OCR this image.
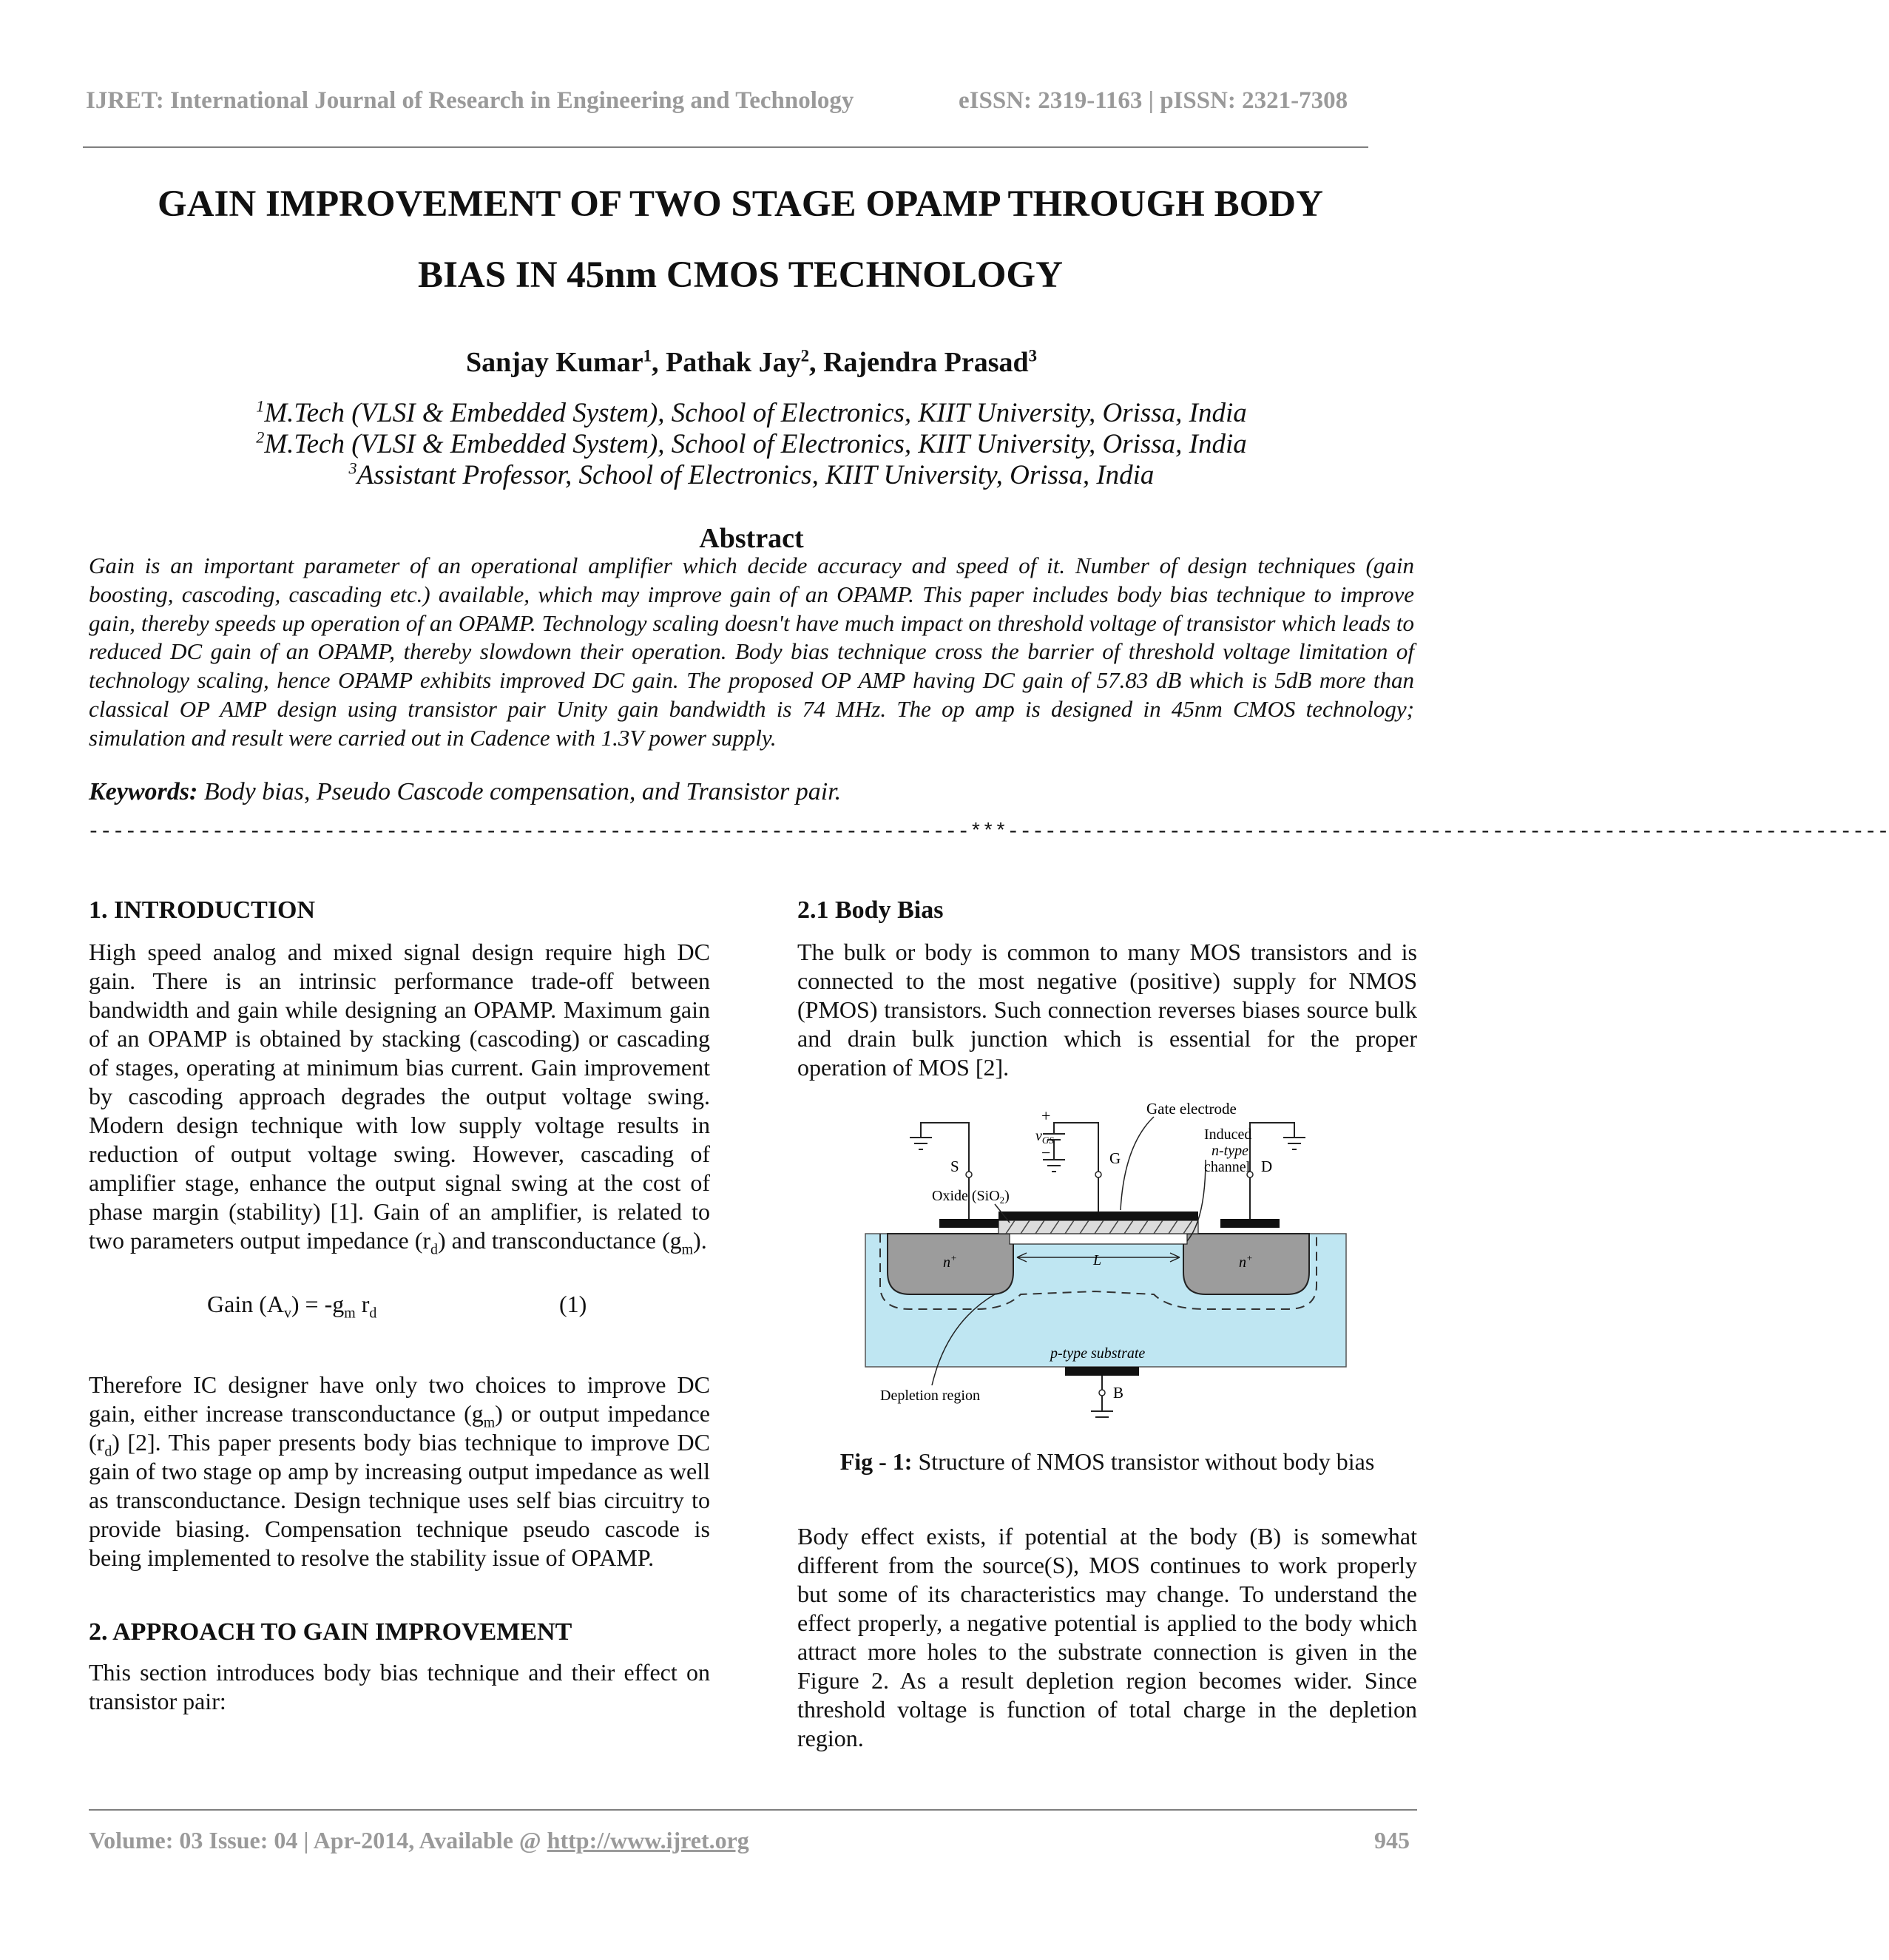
IJRET: International Journal of Research in Engineering and Technology	eISSN: 2319-1163 | pISSN: 2321-7308
GAIN IMPROVEMENT OF TWO STAGE OPAMP THROUGH BODY
BIAS IN 45nm CMOS TECHNOLOGY
Sanjay Kumar$^1$, Pathak Jay$^2$, Rajendra Prasad$^3$
$^1$M.Tech (VLSI & Embedded System), School of Electronics, KIIT University, Orissa, India
$^2$M.Tech (VLSI & Embedded System), School of Electronics, KIIT University, Orissa, India
$^3$Assistant Professor, School of Electronics, KIIT University, Orissa, India
Abstract
Gain is an important parameter of an operational amplifier which decide accuracy and speed of it. Number of design techniques (gain boosting, cascoding, cascading etc.) available, which may improve gain of an OPAMP. This paper includes body bias technique to improve gain, thereby speeds up operation of an OPAMP. Technology scaling doesn't have much impact on threshold voltage of transistor which leads to reduced DC gain of an OPAMP, thereby slowdown their operation. Body bias technique cross the barrier of threshold voltage limitation of technology scaling, hence OPAMP exhibits improved DC gain. The proposed OP AMP having DC gain of 57.83 dB which is 5dB more than classical OP AMP design using transistor pair Unity gain bandwidth is 74 MHz. The op amp is designed in 45nm CMOS technology; simulation and result were carried out in Cadence with 1.3V power supply.
Keywords: Body bias, Pseudo Cascode compensation, and Transistor pair.
-----------------------------------------------------------------------***-----------------------------------------------------------------------
1. INTRODUCTION
High speed analog and mixed signal design require high DC gain. There is an intrinsic performance trade-off between bandwidth and gain while designing an OPAMP. Maximum gain of an OPAMP is obtained by stacking (cascoding) or cascading of stages, operating at minimum bias current. Gain improvement by cascoding approach degrades the output voltage swing. Modern design technique with low supply voltage results in reduction of output voltage swing. However, cascading of amplifier stage, enhance the output signal swing at the cost of phase margin (stability) [1]. Gain of an amplifier, is related to two parameters output impedance $(r_d)$ and transconductance $(g_m)$.
Gain $(A_v) = -g_m$ $r_d$	(1)
Therefore IC designer have only two choices to improve DC gain, either increase transconductance $(g_m)$ or output impedance $(r_d)$ [2]. This paper presents body bias technique to improve DC gain of two stage op amp by increasing output impedance as well as transconductance. Design technique uses self bias circuitry to provide biasing. Compensation technique pseudo cascode is being implemented to resolve the stability issue of OPAMP.
2. APPROACH TO GAIN IMPROVEMENT
This section introduces body bias technique and their effect on transistor pair:
2.1 Body Bias
The bulk or body is common to many MOS transistors and is connected to the most negative (positive) supply for NMOS (PMOS) transistors. Such connection reverses biases source bulk and drain bulk junction which is essential for the proper operation of MOS [2].
+
$v_{GS}$
−
Gate electrode
Induced
n-type
channel
S	G	D
Oxide (SiO$_2$)
n+	n+
L
p-type substrate
Depletion region	B
Fig - 1: Structure of NMOS transistor without body bias
Body effect exists, if potential at the body (B) is somewhat different from the source(S), MOS continues to work properly but some of its characteristics may change. To understand the effect properly, a negative potential is applied to the body which attract more holes to the substrate connection is given in the Figure 2. As a result depletion region becomes wider. Since threshold voltage is function of total charge in the depletion region.
Volume: 03 Issue: 04 | Apr-2014, Available @ http://www.ijret.org	945
